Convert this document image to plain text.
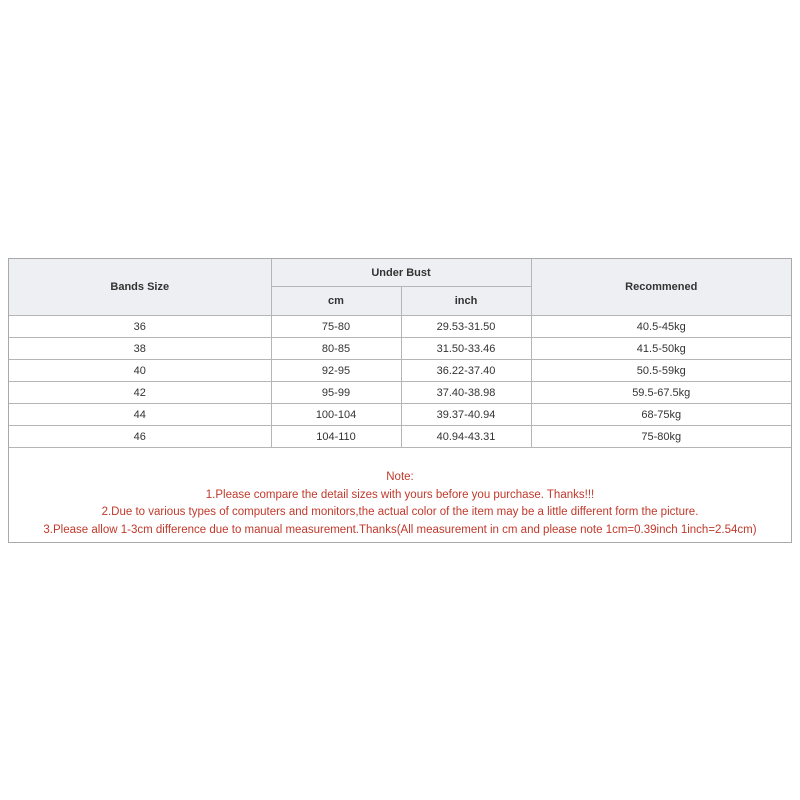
Bands Size	Under Bust		Recommened
	cm	inch	
36	75-80	29.53-31.50	40.5-45kg
38	80-85	31.50-33.46	41.5-50kg
40	92-95	36.22-37.40	50.5-59kg
42	95-99	37.40-38.98	59.5-67.5kg
44	100-104	39.37-40.94	68-75kg
46	104-110	40.94-43.31	75-80kg
Note:
1.Please compare the detail sizes with yours before you purchase. Thanks!!!
2.Due to various types of computers and monitors,the actual color of the item may be a little different form the picture.
3.Please allow 1-3cm difference due to manual measurement.Thanks(All measurement in cm and please note 1cm=0.39inch 1inch=2.54cm)
